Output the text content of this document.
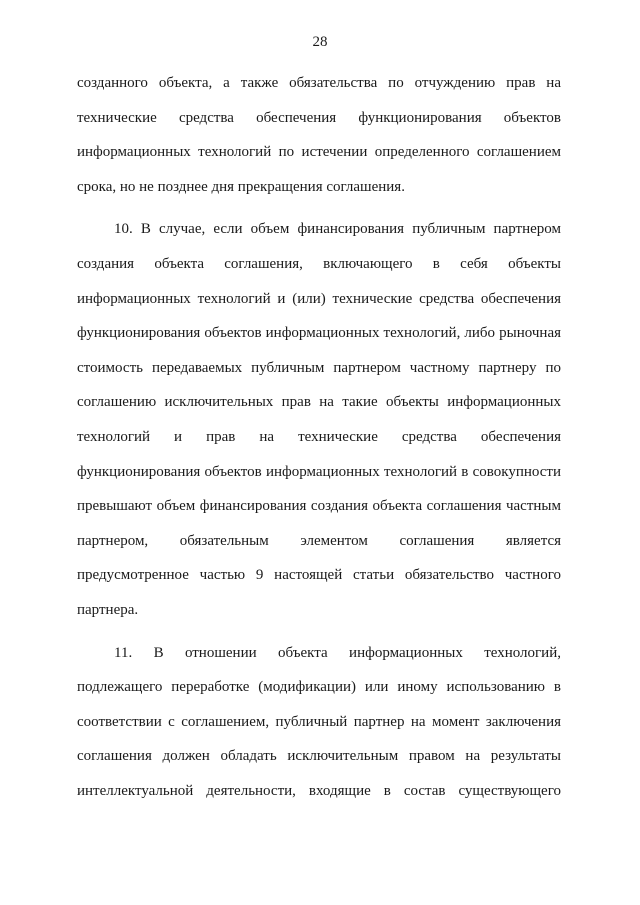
28
созданного объекта, а также обязательства по отчуждению прав на
технические средства обеспечения функционирования объектов
информационных технологий по истечении определенного соглашением
срока, но не позднее дня прекращения соглашения.
10. В случае, если объем финансирования публичным партнером
создания объекта соглашения, включающего в себя объекты
информационных технологий и (или) технические средства обеспечения
функционирования объектов информационных технологий, либо рыночная
стоимость передаваемых публичным партнером частному партнеру по
соглашению исключительных прав на такие объекты информационных
технологий и прав на технические средства обеспечения
функционирования объектов информационных технологий в совокупности
превышают объем финансирования создания объекта соглашения частным
партнером, обязательным элементом соглашения является
предусмотренное частью 9 настоящей статьи обязательство частного
партнера.
11. В отношении объекта информационных технологий,
подлежащего переработке (модификации) или иному использованию в
соответствии с соглашением, публичный партнер на момент заключения
соглашения должен обладать исключительным правом на результаты
интеллектуальной деятельности, входящие в состав существующего
